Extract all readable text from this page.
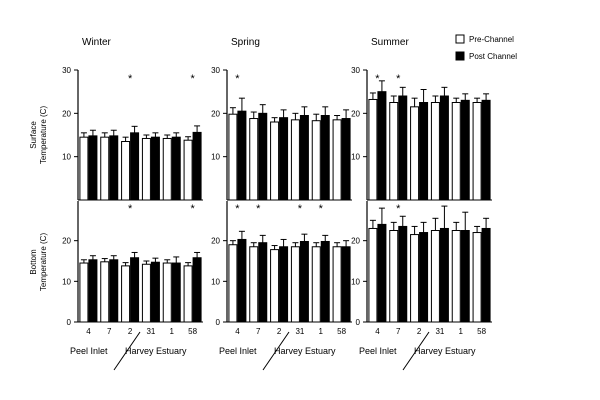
Winter
10
20
30
*	*
0
10
20
4 7
*
2 31 1
*
58
Peel Inlet Harvey Estuary
Spring
10
20
30
*
0
10
20
*
4
*
7 2
*
31
*
1 58
Peel Inlet Harvey Estuary
Summer
10
20
30
* *
0
10
20
4
*
7 2 31 1 58
Peel Inlet Harvey Estuary
Pre-Channel
Post Channel
Surface Temperature (C)
Bottom Temperature (C)
